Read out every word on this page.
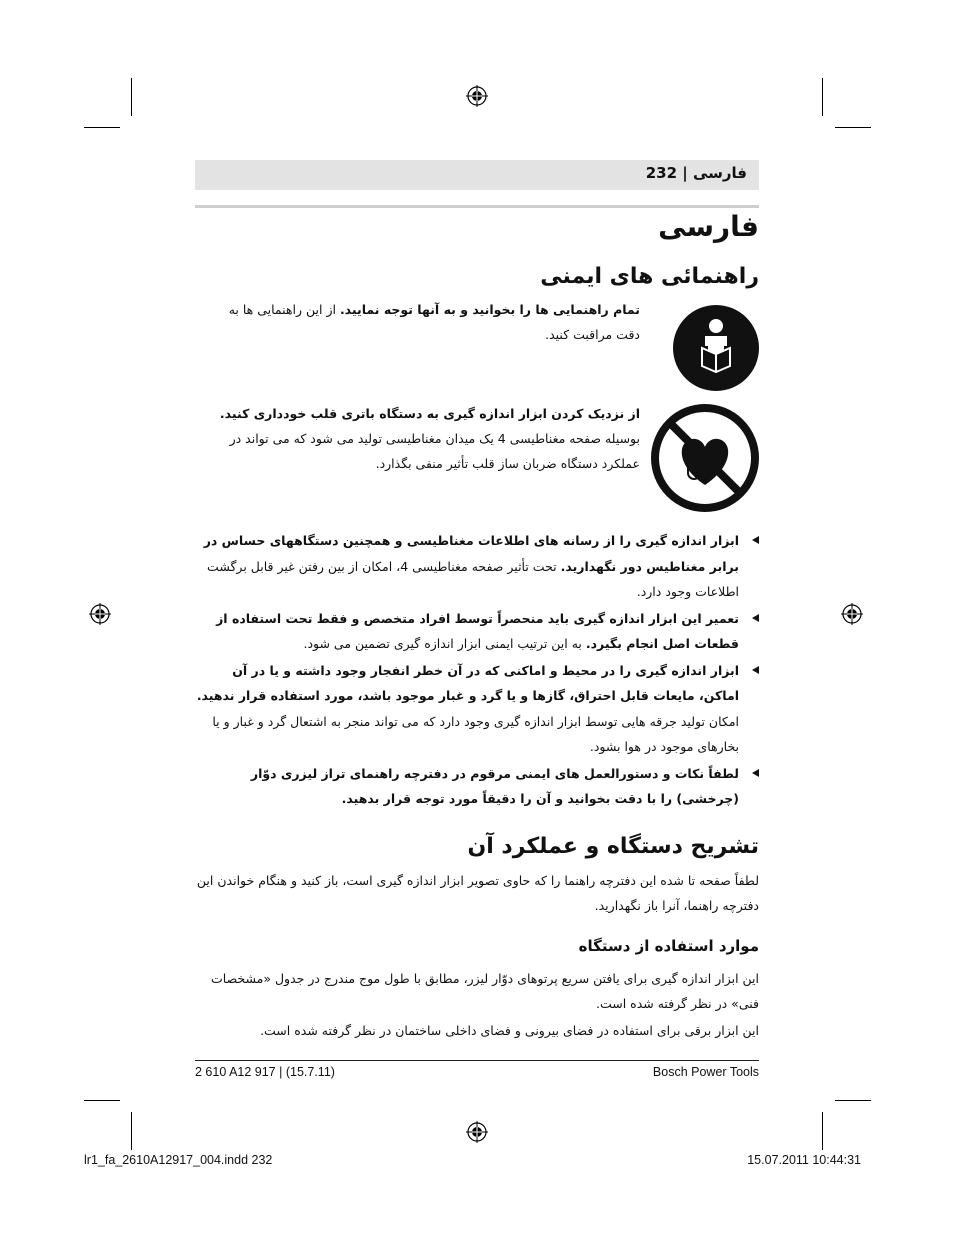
فارسی | 232
فارسی
راهنمائی های ایمنی
تمام راهنمایی ها را بخوانید و به آنها توجه نمایید. از این راهنمایی ها به دقت مراقبت کنید.
از نزدیک کردن ابزار اندازه گیری به دستگاه باتری قلب خودداری کنید. بوسیله صفحه مغناطیسی 4 یک میدان مغناطیسی تولید می شود که می تواند در عملکرد دستگاه ضربان ساز قلب تأثیر منفی بگذارد.
ابزار اندازه گیری را از رسانه های اطلاعات مغناطیسی و همچنین دستگاههای حساس در برابر مغناطیس دور نگهدارید. تحت تأثیر صفحه مغناطیسی 4، امکان از بین رفتن غیر قابل برگشت اطلاعات وجود دارد.
تعمیر این ابزار اندازه گیری باید منحصراً توسط افراد متخصص و فقط تحت استفاده از قطعات اصل انجام بگیرد. به این ترتیب ایمنی ابزار اندازه گیری تضمین می شود.
ابزار اندازه گیری را در محیط و اماکنی که در آن خطر انفجار وجود داشته و یا در آن اماکن، مایعات قابل احتراق، گازها و یا گرد و غبار موجود باشد، مورد استفاده قرار ندهید. امکان تولید جرقه هایی توسط ابزار اندازه گیری وجود دارد که می تواند منجر به اشتعال گرد و غبار و یا بخارهای موجود در هوا بشود.
لطفاً نکات و دستورالعمل های ایمنی مرقوم در دفترچه راهنمای تراز لیزری دوّار (چرخشی) را با دقت بخوانید و آن را دقیقاً مورد توجه قرار بدهید.
تشریح دستگاه و عملکرد آن
لطفاً صفحه تا شده این دفترچه راهنما را که حاوی تصویر ابزار اندازه گیری است، باز کنید و هنگام خواندن این دفترچه راهنما، آنرا باز نگهدارید.
موارد استفاده از دستگاه
این ابزار اندازه گیری برای یافتن سریع پرتوهای دوّار لیزر، مطابق با طول موج مندرج در جدول «مشخصات فنی» در نظر گرفته شده است.
این ابزار برقی برای استفاده در فضای بیرونی و فضای داخلی ساختمان در نظر گرفته شده است.
2 610 A12 917 | (15.7.11)	Bosch Power Tools
lr1_fa_2610A12917_004.indd 232	15.07.2011 10:44:31
